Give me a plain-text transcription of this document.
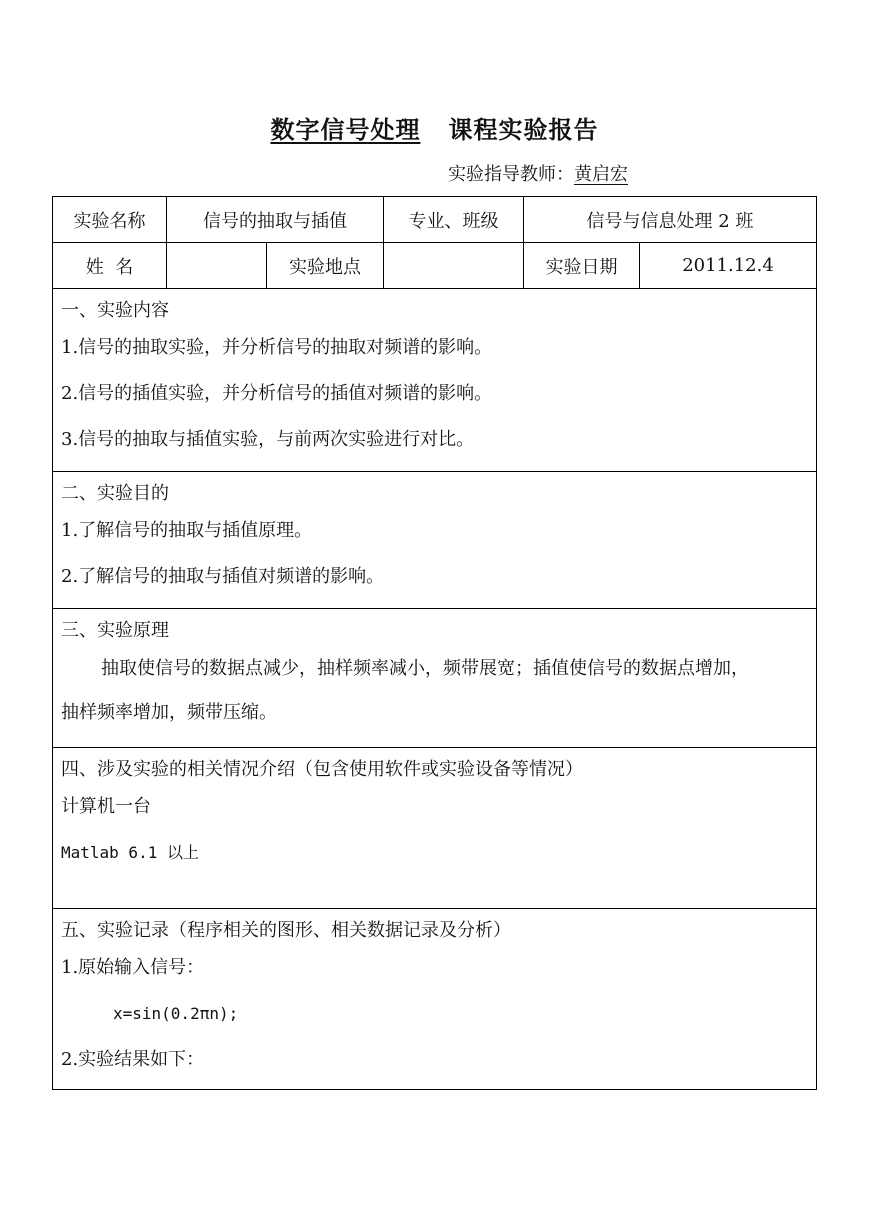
数字信号处理 课程实验报告
实验指导教师：黄启宏
实验名称	信号的抽取与插值		专业、班级	信号与信息处理 2 班	
姓  名		实验地点		实验日期	2011.12.4

一、实验内容
1.信号的抽取实验，并分析信号的抽取对频谱的影响。
2.信号的插值实验，并分析信号的插值对频谱的影响。
3.信号的抽取与插值实验，与前两次实验进行对比。					

二、实验目的
1.了解信号的抽取与插值原理。
2.了解信号的抽取与插值对频谱的影响。					

三、实验原理
抽取使信号的数据点减少，抽样频率减小，频带展宽；插值使信号的数据点增加，
抽样频率增加，频带压缩。					

四、涉及实验的相关情况介绍（包含使用软件或实验设备等情况）
计算机一台
Matlab 6.1 以上					

五、实验记录（程序相关的图形、相关数据记录及分析）
1.原始输入信号：
x=sin(0.2πn);
2.实验结果如下：					
